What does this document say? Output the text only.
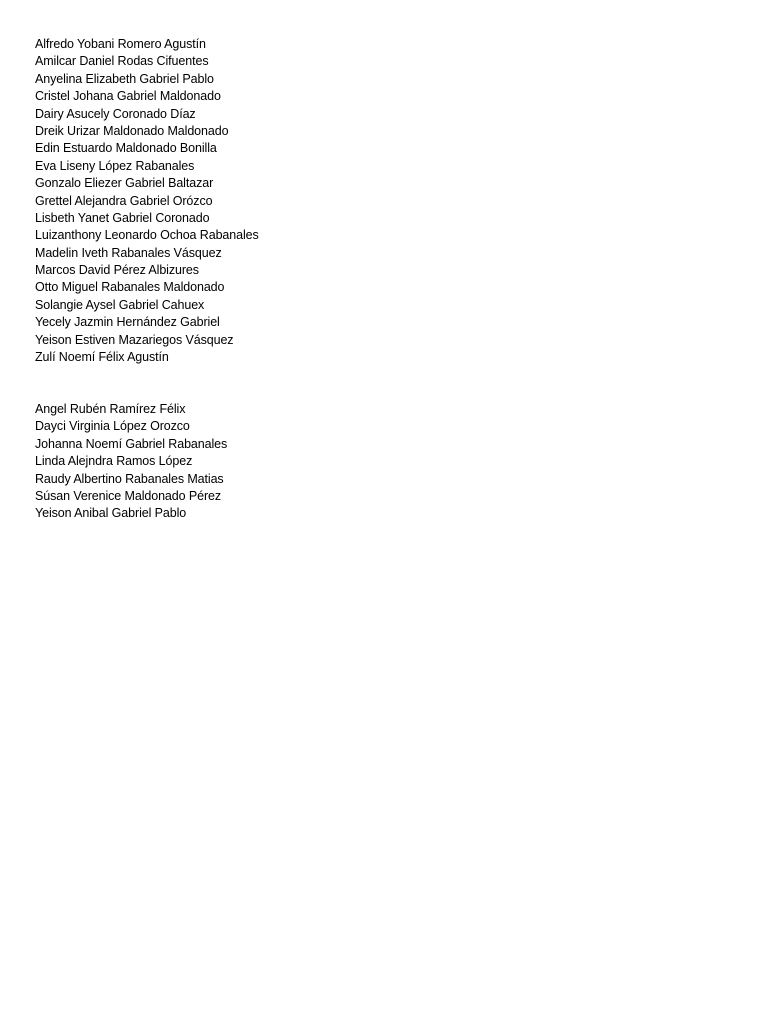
Alfredo Yobani Romero Agustín
Amilcar Daniel Rodas Cifuentes
Anyelina Elizabeth Gabriel Pablo
Cristel Johana Gabriel Maldonado
Dairy Asucely Coronado Díaz
Dreik Urizar Maldonado Maldonado
Edin Estuardo Maldonado Bonilla
Eva Liseny López Rabanales
Gonzalo Eliezer Gabriel Baltazar
Grettel Alejandra Gabriel Orózco
Lisbeth Yanet Gabriel Coronado
Luizanthony Leonardo Ochoa Rabanales
Madelin Iveth Rabanales Vásquez
Marcos David Pérez Albizures
Otto Miguel Rabanales Maldonado
Solangie Aysel Gabriel Cahuex
Yecely Jazmin Hernández Gabriel
Yeison Estiven Mazariegos Vásquez
Zulí Noemí Félix Agustín
Angel Rubén Ramírez Félix
Dayci Virginia López Orozco
Johanna Noemí Gabriel Rabanales
Linda Alejndra Ramos López
Raudy Albertino Rabanales Matias
Súsan Verenice Maldonado Pérez
Yeison Anibal Gabriel Pablo
